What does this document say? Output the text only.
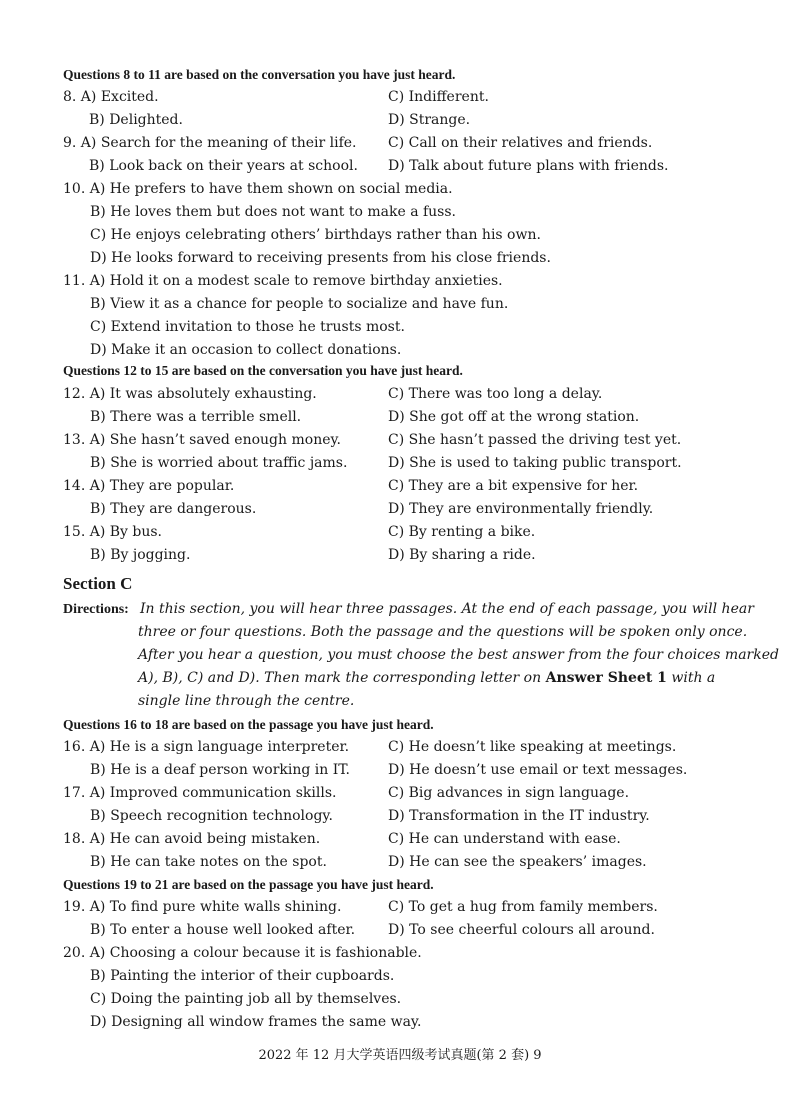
Questions 8 to 11 are based on the conversation you have just heard.
8. A) Excited.	C) Indifferent.
B) Delighted.	D) Strange.
9. A) Search for the meaning of their life. C) Call on their relatives and friends.
B) Look back on their years at school. D) Talk about future plans with friends.
10. A) He prefers to have them shown on social media.
B) He loves them but does not want to make a fuss.
C) He enjoys celebrating others’ birthdays rather than his own.
D) He looks forward to receiving presents from his close friends.
11. A) Hold it on a modest scale to remove birthday anxieties.
B) View it as a chance for people to socialize and have fun.
C) Extend invitation to those he trusts most.
D) Make it an occasion to collect donations.
Questions 12 to 15 are based on the conversation you have just heard.
12. A) It was absolutely exhausting.	C) There was too long a delay.
B) There was a terrible smell.	D) She got off at the wrong station.
13. A) She hasn’t saved enough money.	C) She hasn’t passed the driving test yet.
B) She is worried about traffic jams.	D) She is used to taking public transport.
14. A) They are popular.	C) They are a bit expensive for her.
B) They are dangerous.	D) They are environmentally friendly.
15. A) By bus.	C) By renting a bike.
B) By jogging.	D) By sharing a ride.
Section C
Directions: In this section, you will hear three passages. At the end of each passage, you will hear
three or four questions. Both the passage and the questions will be spoken only once.
After you hear a question, you must choose the best answer from the four choices marked
A), B), C) and D). Then mark the corresponding letter on Answer Sheet 1 with a
single line through the centre.
Questions 16 to 18 are based on the passage you have just heard.
16. A) He is a sign language interpreter.	C) He doesn’t like speaking at meetings.
B) He is a deaf person working in IT.	D) He doesn’t use email or text messages.
17. A) Improved communication skills.	C) Big advances in sign language.
B) Speech recognition technology.	D) Transformation in the IT industry.
18. A) He can avoid being mistaken.	C) He can understand with ease.
B) He can take notes on the spot.	D) He can see the speakers’ images.
Questions 19 to 21 are based on the passage you have just heard.
19. A) To find pure white walls shining.	C) To get a hug from family members.
B) To enter a house well looked after. D) To see cheerful colours all around.
20. A) Choosing a colour because it is fashionable.
B) Painting the interior of their cupboards.
C) Doing the painting job all by themselves.
D) Designing all window frames the same way.
2022 年 12 月大学英语四级考试真题(第 2 套) 9
